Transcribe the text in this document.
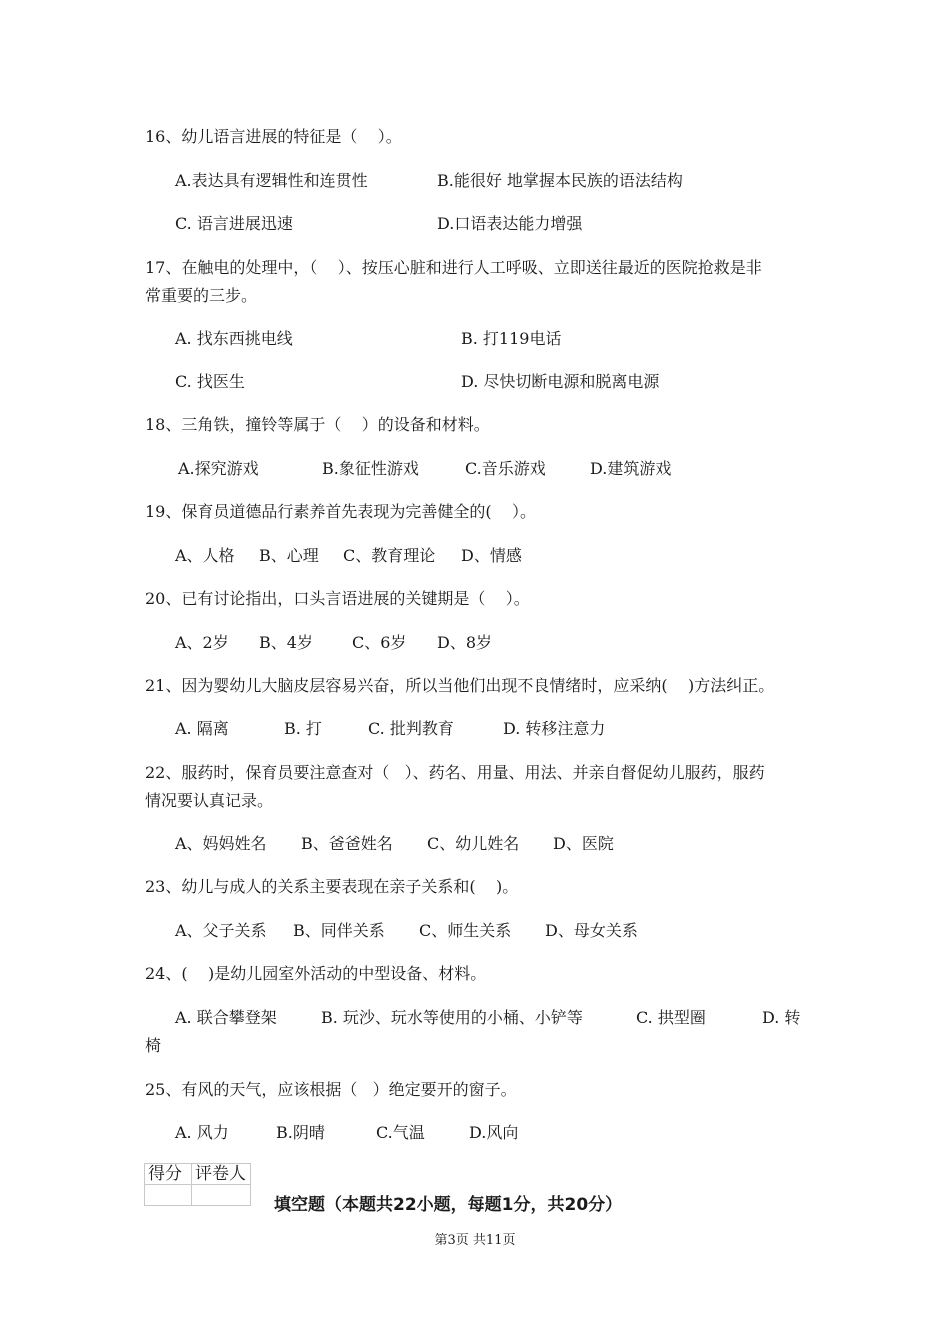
16、幼儿语言进展的特征是（    ）。
A.表达具有逻辑性和连贯性	B.能很好 地掌握本民族的语法结构
C. 语言进展迅速	D.口语表达能力增强
17、在触电的处理中，（    ）、按压心脏和进行人工呼吸、立即送往最近的医院抢救是非
常重要的三步。
A. 找东西挑电线	B. 打119电话
C. 找医生	D. 尽快切断电源和脱离电源
18、三角铁，撞铃等属于（    ）的设备和材料。
A.探究游戏	B.象征性游戏	C.音乐游戏	D.建筑游戏
19、保育员道德品行素养首先表现为完善健全的(    ）。
A、人格 B、心理 C、教育理论 D、情感
20、已有讨论指出，口头言语进展的关键期是（    ）。
A、2岁 B、4岁 C、6岁 D、8岁
21、因为婴幼儿大脑皮层容易兴奋，所以当他们出现不良情绪时，应采纳(    )方法纠正。
A. 隔离	B. 打	C. 批判教育	D. 转移注意力
22、服药时，保育员要注意查对（   ）、药名、用量、用法、并亲自督促幼儿服药，服药
情况要认真记录。
A、妈妈姓名 B、爸爸姓名 C、幼儿姓名 D、医院
23、幼儿与成人的关系主要表现在亲子关系和(    )。
A、父子关系 B、同伴关系 C、师生关系 D、母女关系
24、(    )是幼儿园室外活动的中型设备、材料。
A. 联合攀登架	B. 玩沙、玩水等使用的小桶、小铲等	C. 拱型圈	D. 转
椅
25、有风的天气，应该根据（   ）绝定要开的窗子。
A. 风力	B.阴晴	C.气温	D.风向
得分	评卷人

填空题（本题共22小题，每题1分，共20分）
第3页 共11页
